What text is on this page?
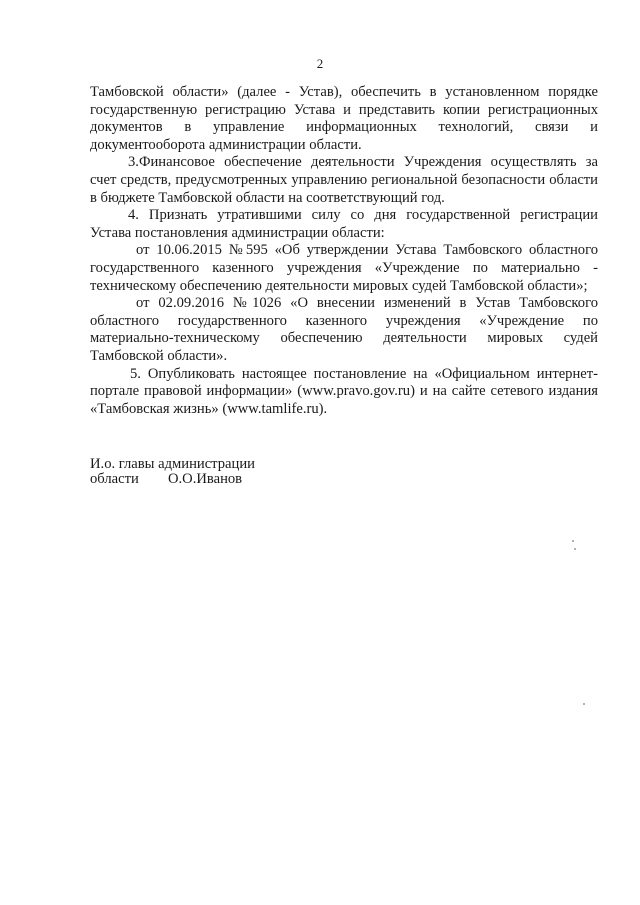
2

Тамбовской области» (далее - Устав), обеспечить в установленном порядке государственную регистрацию Устава и представить копии регистрационных документов в управление информационных технологий, связи и документооборота администрации области.

3.Финансовое обеспечение деятельности Учреждения осуществлять за счет средств, предусмотренных управлению региональной безопасности области в бюджете Тамбовской области на соответствующий год.

4. Признать утратившими силу со дня государственной регистрации Устава постановления администрации области:

от 10.06.2015 №595 «Об утверждении Устава Тамбовского областного государственного казенного учреждения «Учреждение по материально - техническому обеспечению деятельности мировых судей Тамбовской области»;

от 02.09.2016 №1026 «О внесении изменений в Устав Тамбовского областного государственного казенного учреждения «Учреждение по материально-техническому обеспечению деятельности мировых судей Тамбовской области».

5. Опубликовать настоящее постановление на «Официальном интернет-портале правовой информации» (www.pravo.gov.ru) и на сайте сетевого издания «Тамбовская жизнь» (www.tamlife.ru).

И.о. главы администрации
области О.О.Иванов
